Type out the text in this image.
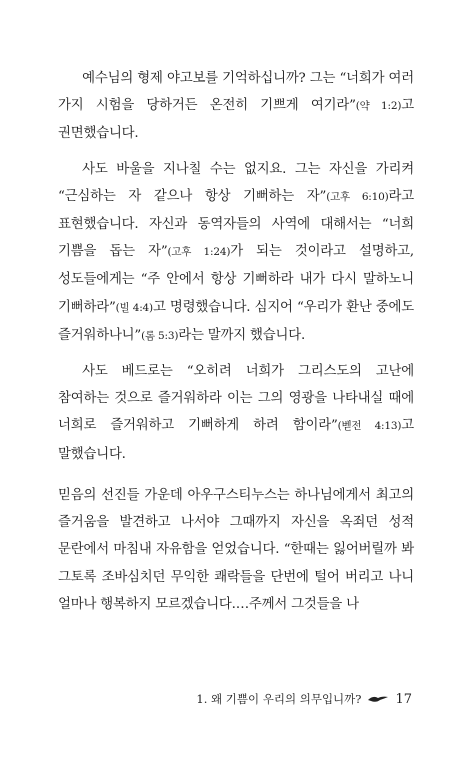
예수님의 형제 야고보를 기억하십니까? 그는 “너희가 여러 가지 시험을 당하거든 온전히 기쁘게 여기라”(약 1:2)고 권면했습니다.

사도 바울을 지나칠 수는 없지요. 그는 자신을 가리켜 “근심하는 자 같으나 항상 기뻐하는 자”(고후 6:10)라고 표현했습니다. 자신과 동역자들의 사역에 대해서는 “너희 기쁨을 돕는 자”(고후 1:24)가 되는 것이라고 설명하고, 성도들에게는 “주 안에서 항상 기뻐하라 내가 다시 말하노니 기뻐하라”(빌 4:4)고 명령했습니다. 심지어 “우리가 환난 중에도 즐거워하나니”(롬 5:3)라는 말까지 했습니다.

사도 베드로는 “오히려 너희가 그리스도의 고난에 참여하는 것으로 즐거워하라 이는 그의 영광을 나타내실 때에 너희로 즐거워하고 기뻐하게 하려 함이라”(벧전 4:13)고 말했습니다.

믿음의 선진들 가운데 아우구스티누스는 하나님에게서 최고의 즐거움을 발견하고 나서야 그때까지 자신을 옥죄던 성적 문란에서 마침내 자유함을 얻었습니다. “한때는 잃어버릴까 봐 그토록 조바심치던 무익한 쾌락들을 단번에 털어 버리고 나니 얼마나 행복하지 모르겠습니다.…주께서 그것들을 나

1. 왜 기쁨이 우리의 의무입니까?	17
